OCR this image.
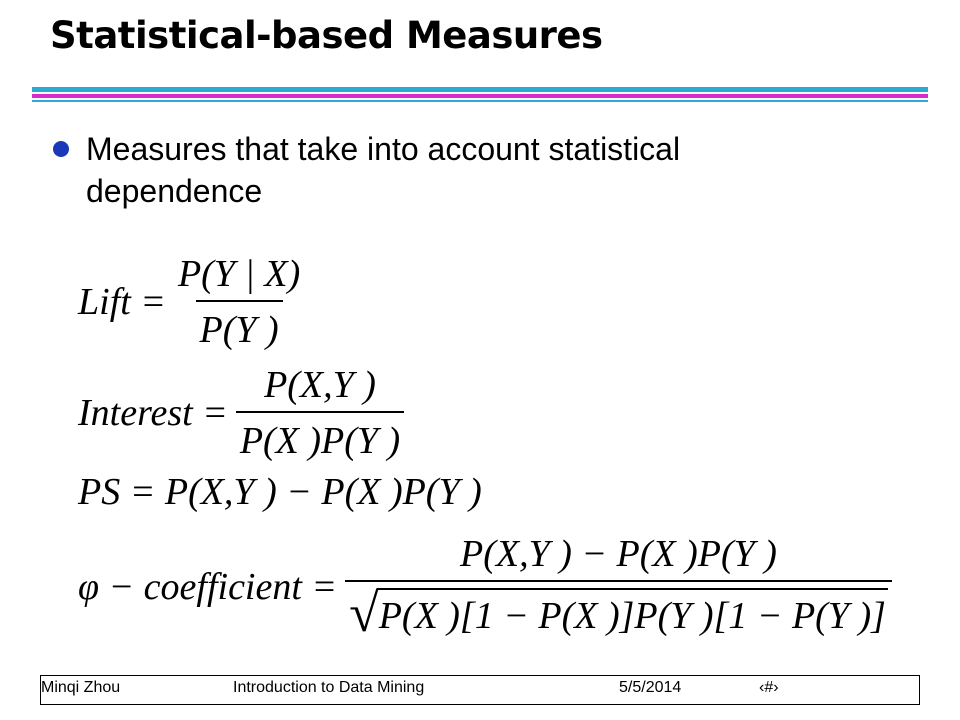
Statistical-based Measures
Measures that take into account statistical dependence
Lift = $\frac{P(Y | X)}{P(Y )}$
Interest = $\frac{P(X,Y )}{P(X )P(Y )}$
PS = P(X,Y ) − P(X )P(Y )
φ − coefficient = $\frac{P(X,Y ) - P(X )P(Y )}{√ P(X )[1 - P(X )]P(Y )[1 - P(Y )]}$
Minqi Zhou	Introduction to Data Mining	5/5/2014	‹#›
